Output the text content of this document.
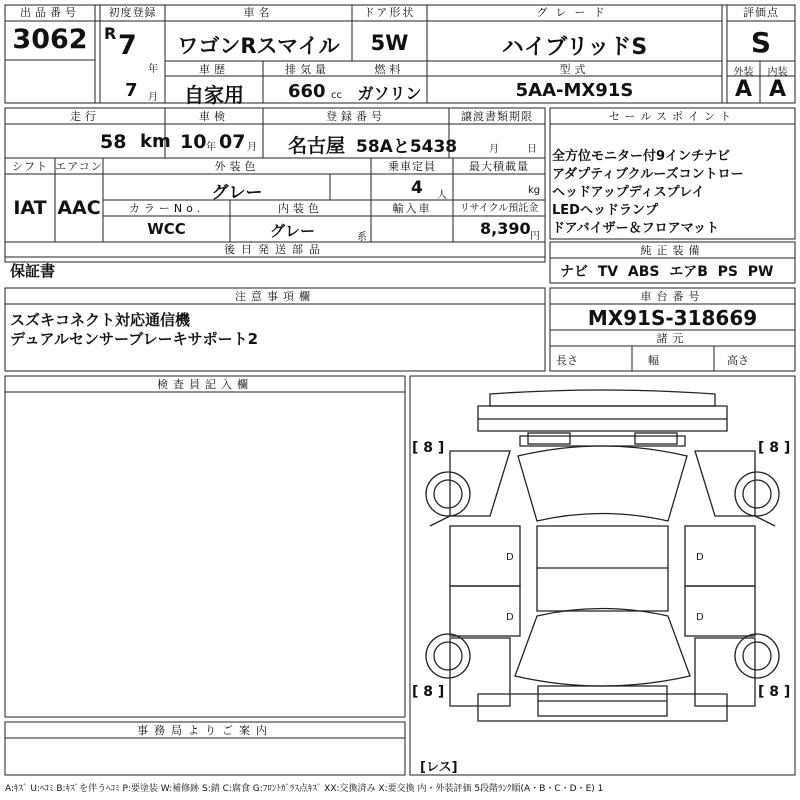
出品番号
3062
初度登録
R 7
年
7 月
車名
ワゴンRスマイル
ドア形状
5W
グレード
ハイブリッドS
評価点
S
外装	内装
A A
車歴
自家用
排気量
660 cc
燃料
ガソリン
型式
5AA-MX91S
走行
58 km
車検
10 年 07 月
登録番号
名古屋 58Aと5438
譲渡書類期限
月	日
シフト
IAT
エアコン
AAC
外装色
グレー
乗車定員
4 人
最大積載量
kg
カラーNo.
WCC
内装色
グレー	系
輸入車	リサイクル預託金
8,390 円
後日発送部品
保証書
セールスポイント
全方位モニター付9インチナビ
アダプティブクルーズコントロー
ヘッドアップディスプレイ
LEDヘッドランプ
ドアバイザー＆フロアマット
純正装備
ナビ  TV  ABS  エアB  PS  PW
注意事項欄
スズキコネクト対応通信機
デュアルセンサーブレーキサポート2
車台番号
MX91S-318669
諸元
長さ	幅	高さ
検査員記入欄
事務局よりご案内
D	D
D	D
[ 8 ]	[ 8 ]
[ 8 ]	[ 8 ]
[レス]
A:ｷｽﾞ U:ﾍｺﾐ B:ｷｽﾞを伴うﾍｺﾐ P:要塗装 W:補修跡 S:錆 C:腐食 G:ﾌﾛﾝﾄｶﾞﾗｽ点ｷｽﾞ XX:交換済み X:要交換 内・外装評価 5段階ﾗﾝｸ順(A・B・C・D・E) 1
